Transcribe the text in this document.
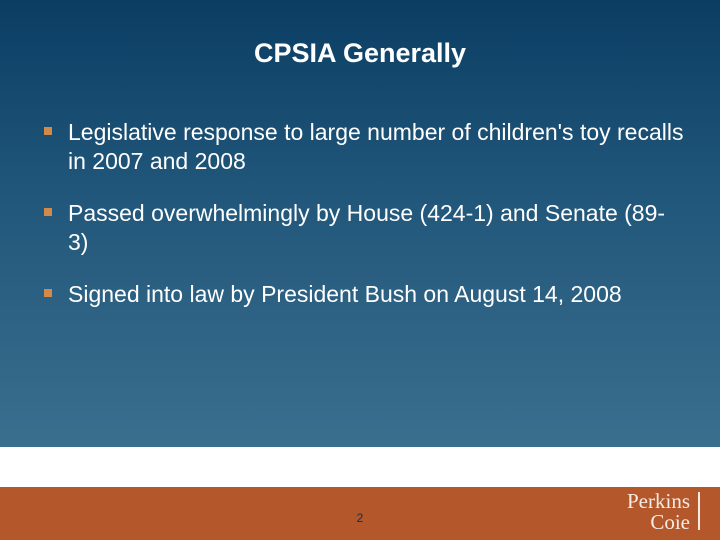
CPSIA Generally
Legislative response to large number of children's toy recalls in 2007 and 2008
Passed overwhelmingly by House (424-1) and Senate (89-3)
Signed into law by President Bush on August 14, 2008
2
Perkins
Coie
